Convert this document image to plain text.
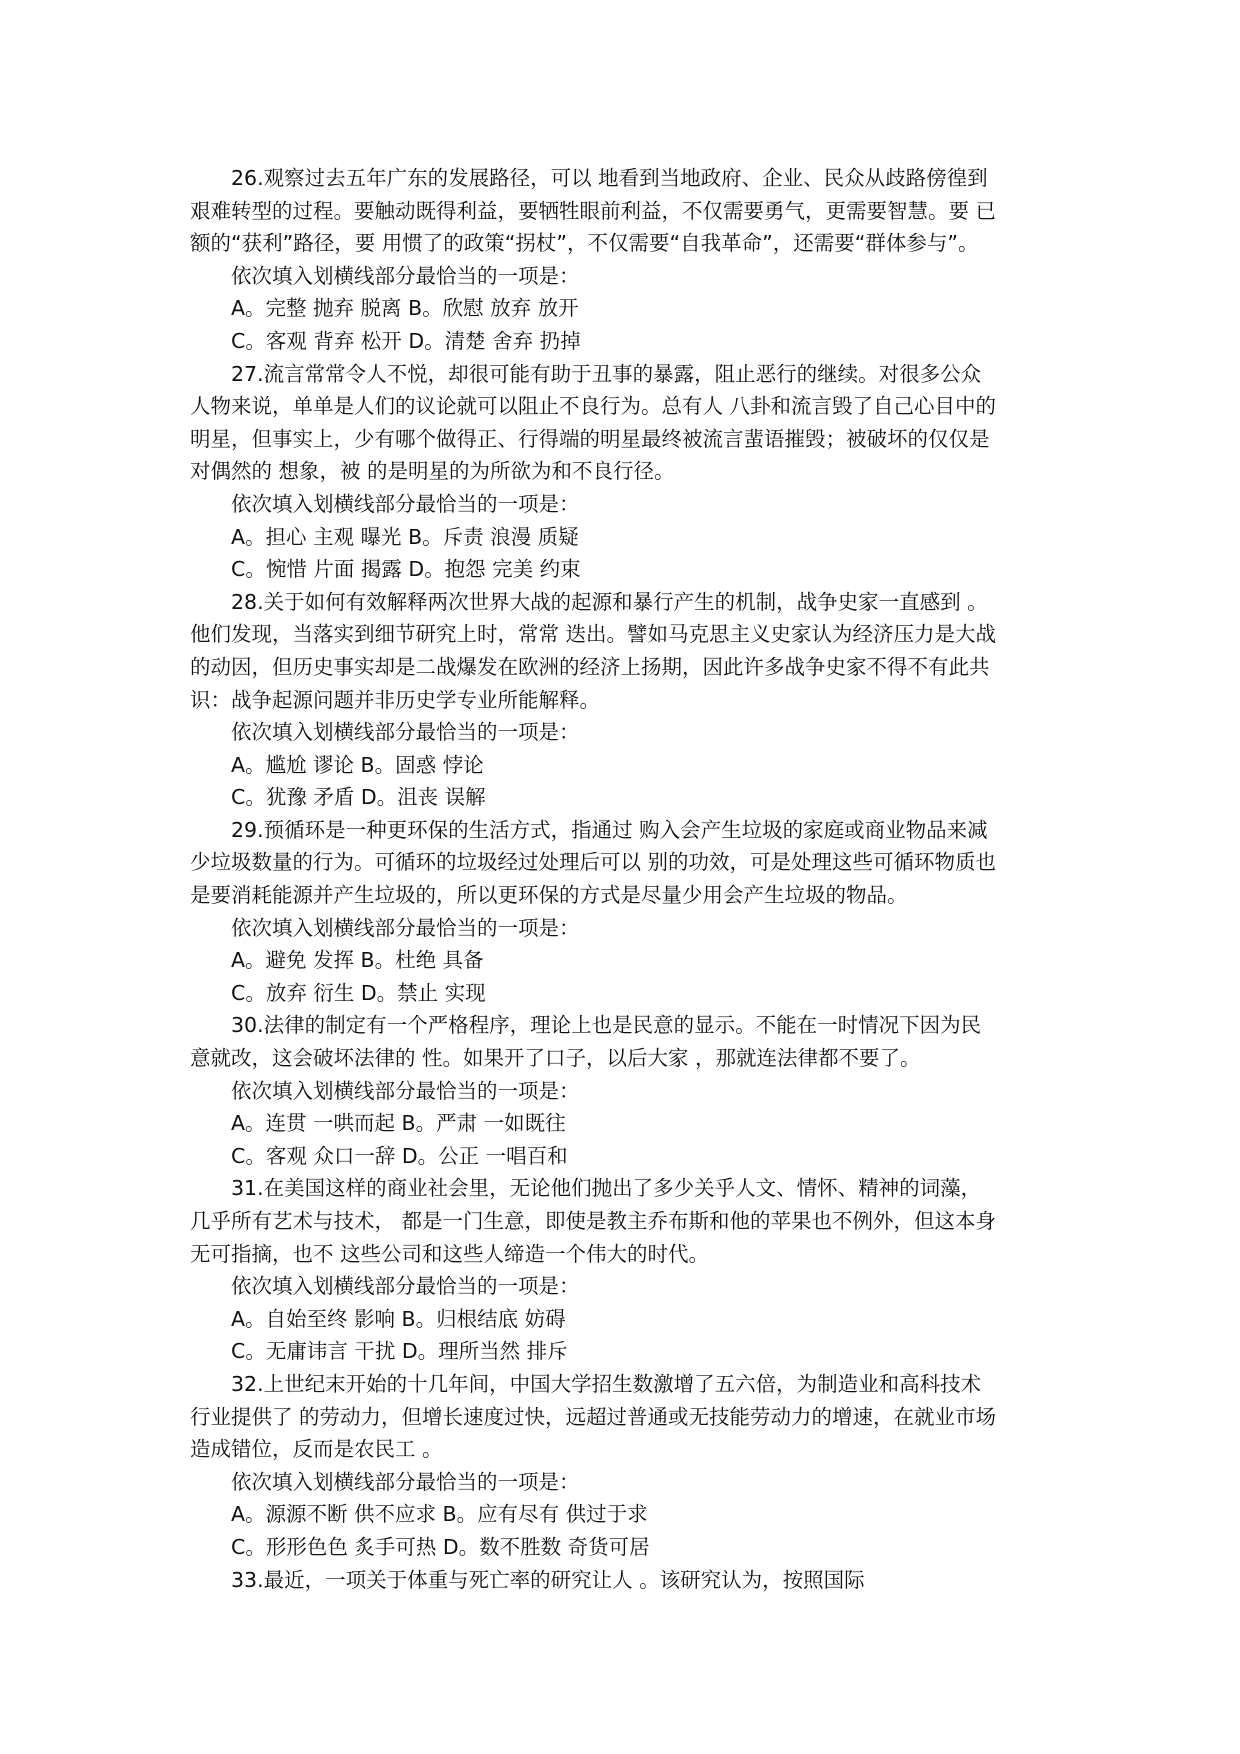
26.观察过去五年广东的发展路径，可以 地看到当地政府、企业、民众从歧路傍徨到
艰难转型的过程。要触动既得利益，要牺牲眼前利益，不仅需要勇气，更需要智慧。要 已
额的“获利”路径，要 用惯了的政策“拐杖”，不仅需要“自我革命”，还需要“群体参与”。
依次填入划横线部分最恰当的一项是：
A。完整 抛弃 脱离 B。欣慰 放弃 放开
C。客观 背弃 松开 D。清楚 舍弃 扔掉
27.流言常常令人不悦，却很可能有助于丑事的暴露，阻止恶行的继续。对很多公众
人物来说，单单是人们的议论就可以阻止不良行为。总有人 八卦和流言毁了自己心目中的
明星，但事实上，少有哪个做得正、行得端的明星最终被流言蜚语摧毁；被破坏的仅仅是
对偶然的 想象，被 的是明星的为所欲为和不良行径。
依次填入划横线部分最恰当的一项是：
A。担心 主观 曝光 B。斥责 浪漫 质疑
C。惋惜 片面 揭露 D。抱怨 完美 约束
28.关于如何有效解释两次世界大战的起源和暴行产生的机制，战争史家一直感到 。
他们发现，当落实到细节研究上时，常常 迭出。譬如马克思主义史家认为经济压力是大战
的动因，但历史事实却是二战爆发在欧洲的经济上扬期，因此许多战争史家不得不有此共
识：战争起源问题并非历史学专业所能解释。
依次填入划横线部分最恰当的一项是：
A。尴尬 谬论 B。固惑 悖论
C。犹豫 矛盾 D。沮丧 误解
29.预循环是一种更环保的生活方式，指通过 购入会产生垃圾的家庭或商业物品来减
少垃圾数量的行为。可循环的垃圾经过处理后可以 别的功效，可是处理这些可循环物质也
是要消耗能源并产生垃圾的，所以更环保的方式是尽量少用会产生垃圾的物品。
依次填入划横线部分最恰当的一项是：
A。避免 发挥 B。杜绝 具备
C。放弃 衍生 D。禁止 实现
30.法律的制定有一个严格程序，理论上也是民意的显示。不能在一时情况下因为民
意就改，这会破坏法律的 性。如果开了口子，以后大家 ，那就连法律都不要了。
依次填入划横线部分最恰当的一项是：
A。连贯 一哄而起 B。严肃 一如既往
C。客观 众口一辞 D。公正 一唱百和
31.在美国这样的商业社会里，无论他们抛出了多少关乎人文、情怀、精神的词藻，
几乎所有艺术与技术， 都是一门生意，即使是教主乔布斯和他的苹果也不例外，但这本身
无可指摘，也不 这些公司和这些人缔造一个伟大的时代。
依次填入划横线部分最恰当的一项是：
A。自始至终 影响 B。归根结底 妨碍
C。无庸讳言 干扰 D。理所当然 排斥
32.上世纪末开始的十几年间，中国大学招生数激增了五六倍，为制造业和高科技术
行业提供了 的劳动力，但增长速度过快，远超过普通或无技能劳动力的增速，在就业市场
造成错位，反而是农民工 。
依次填入划横线部分最恰当的一项是：
A。源源不断 供不应求 B。应有尽有 供过于求
C。形形色色 炙手可热 D。数不胜数 奇货可居
33.最近，一项关于体重与死亡率的研究让人 。该研究认为，按照国际
